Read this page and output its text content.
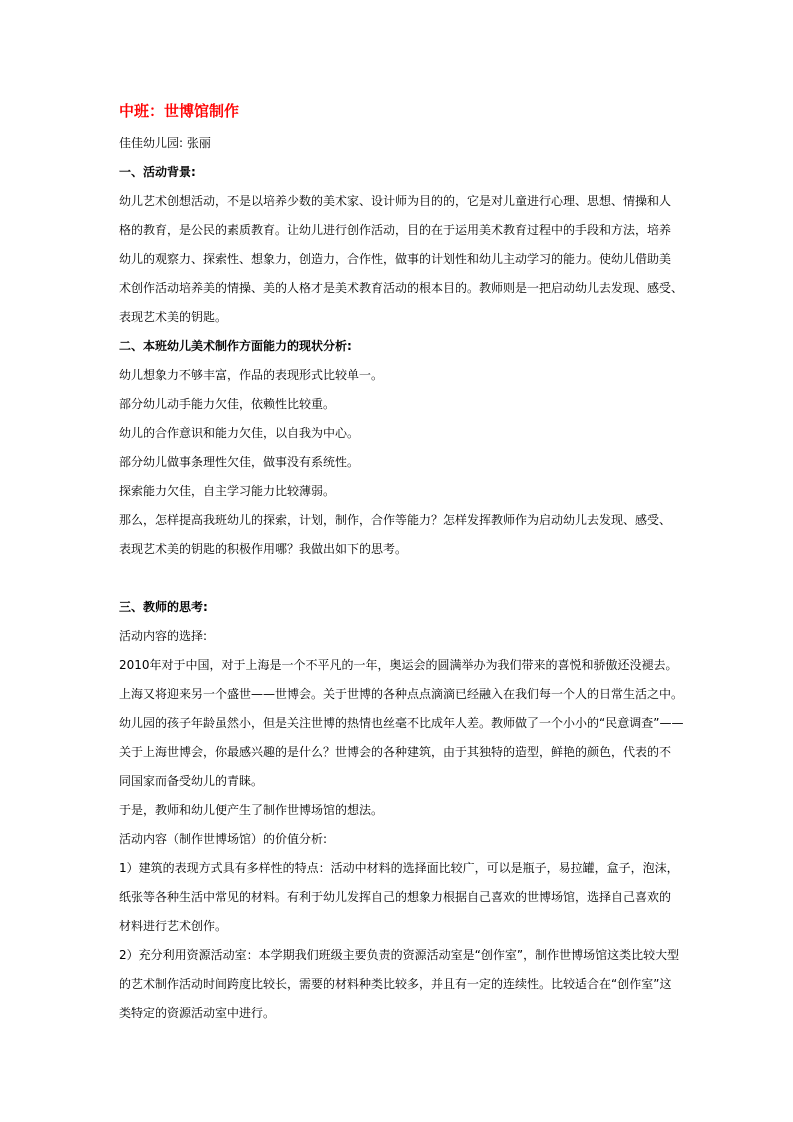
中班：世博馆制作

佳佳幼儿园: 张丽

一、活动背景:

幼儿艺术创想活动，不是以培养少数的美术家、设计师为目的的，它是对儿童进行心理、思想、情操和人

格的教育，是公民的素质教育。让幼儿进行创作活动，目的在于运用美术教育过程中的手段和方法，培养

幼儿的观察力、探索性、想象力，创造力，合作性，做事的计划性和幼儿主动学习的能力。使幼儿借助美

术创作活动培养美的情操、美的人格才是美术教育活动的根本目的。教师则是一把启动幼儿去发现、感受、

表现艺术美的钥匙。

二、本班幼儿美术制作方面能力的现状分析:

幼儿想象力不够丰富，作品的表现形式比较单一。

部分幼儿动手能力欠佳，依赖性比较重。

幼儿的合作意识和能力欠佳，以自我为中心。

部分幼儿做事条理性欠佳，做事没有系统性。

探索能力欠佳，自主学习能力比较薄弱。

那么，怎样提高我班幼儿的探索，计划，制作，合作等能力？怎样发挥教师作为启动幼儿去发现、感受、

表现艺术美的钥匙的积极作用哪？我做出如下的思考。

三、教师的思考:

活动内容的选择:

2010年对于中国，对于上海是一个不平凡的一年，奥运会的圆满举办为我们带来的喜悦和骄傲还没褪去。

上海又将迎来另一个盛世——世博会。关于世博的各种点点滴滴已经融入在我们每一个人的日常生活之中。

幼儿园的孩子年龄虽然小，但是关注世博的热情也丝毫不比成年人差。教师做了一个小小的“民意调查”——

关于上海世博会，你最感兴趣的是什么？世博会的各种建筑，由于其独特的造型，鲜艳的颜色，代表的不

同国家而备受幼儿的青睐。

于是，教师和幼儿便产生了制作世博场馆的想法。

活动内容（制作世博场馆）的价值分析:

1）建筑的表现方式具有多样性的特点：活动中材料的选择面比较广，可以是瓶子，易拉罐，盒子，泡沫，

纸张等各种生活中常见的材料。有利于幼儿发挥自己的想象力根据自己喜欢的世博场馆，选择自己喜欢的

材料进行艺术创作。

2）充分利用资源活动室：本学期我们班级主要负责的资源活动室是“创作室”，制作世博场馆这类比较大型

的艺术制作活动时间跨度比较长，需要的材料种类比较多，并且有一定的连续性。比较适合在“创作室”这

类特定的资源活动室中进行。
